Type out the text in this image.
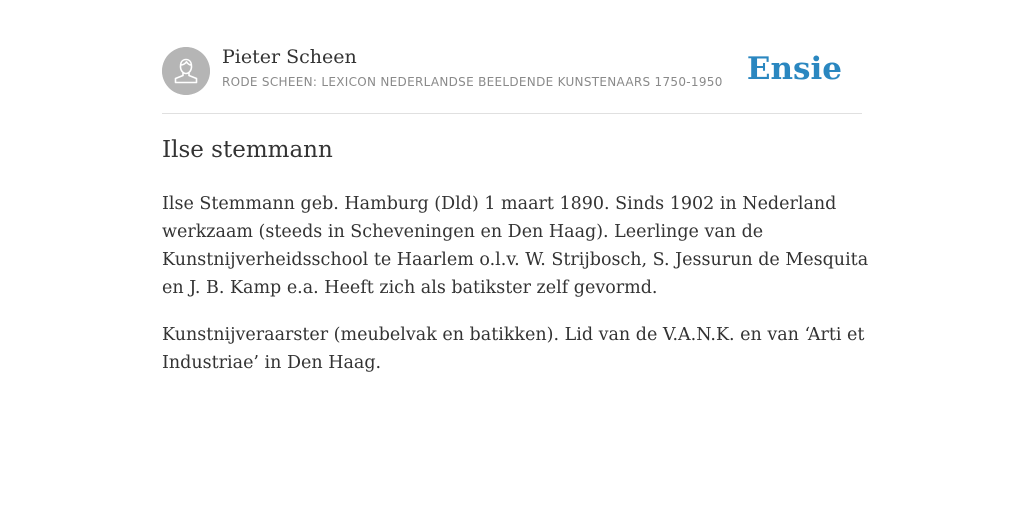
Pieter Scheen
RODE SCHEEN: LEXICON NEDERLANDSE BEELDENDE KUNSTENAARS 1750-1950 Ensie
Ilse stemmann

Ilse Stemmann geb. Hamburg (Dld) 1 maart 1890. Sinds 1902 in Nederland
werkzaam (steeds in Scheveningen en Den Haag). Leerlinge van de
Kunstnijverheidsschool te Haarlem o.l.v. W. Strijbosch, S. Jessurun de Mesquita
en J. B. Kamp e.a. Heeft zich als batikster zelf gevormd.

Kunstnijveraarster (meubelvak en batikken). Lid van de V.A.N.K. en van ‘Arti et
Industriae’ in Den Haag.
